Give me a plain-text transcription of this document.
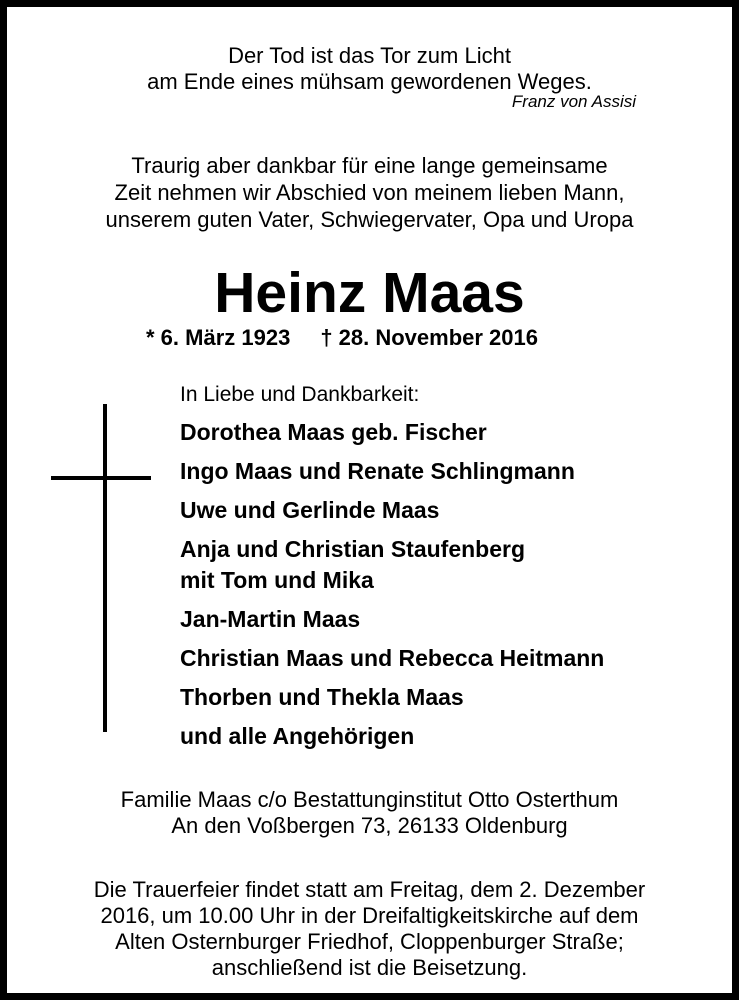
Der Tod ist das Tor zum Licht
am Ende eines mühsam gewordenen Weges.
Franz von Assisi
Traurig aber dankbar für eine lange gemeinsame
Zeit nehmen wir Abschied von meinem lieben Mann,
unserem guten Vater, Schwiegervater, Opa und Uropa
Heinz Maas
* 6. März 1923 † 28. November 2016
In Liebe und Dankbarkeit:
Dorothea Maas geb. Fischer
Ingo Maas und Renate Schlingmann
Uwe und Gerlinde Maas
Anja und Christian Staufenberg
mit Tom und Mika
Jan-Martin Maas
Christian Maas und Rebecca Heitmann
Thorben und Thekla Maas
und alle Angehörigen
Familie Maas c/o Bestattunginstitut Otto Osterthum
An den Voßbergen 73, 26133 Oldenburg
Die Trauerfeier findet statt am Freitag, dem 2. Dezember
2016, um 10.00 Uhr in der Dreifaltigkeitskirche auf dem
Alten Osternburger Friedhof, Cloppenburger Straße;
anschließend ist die Beisetzung.
